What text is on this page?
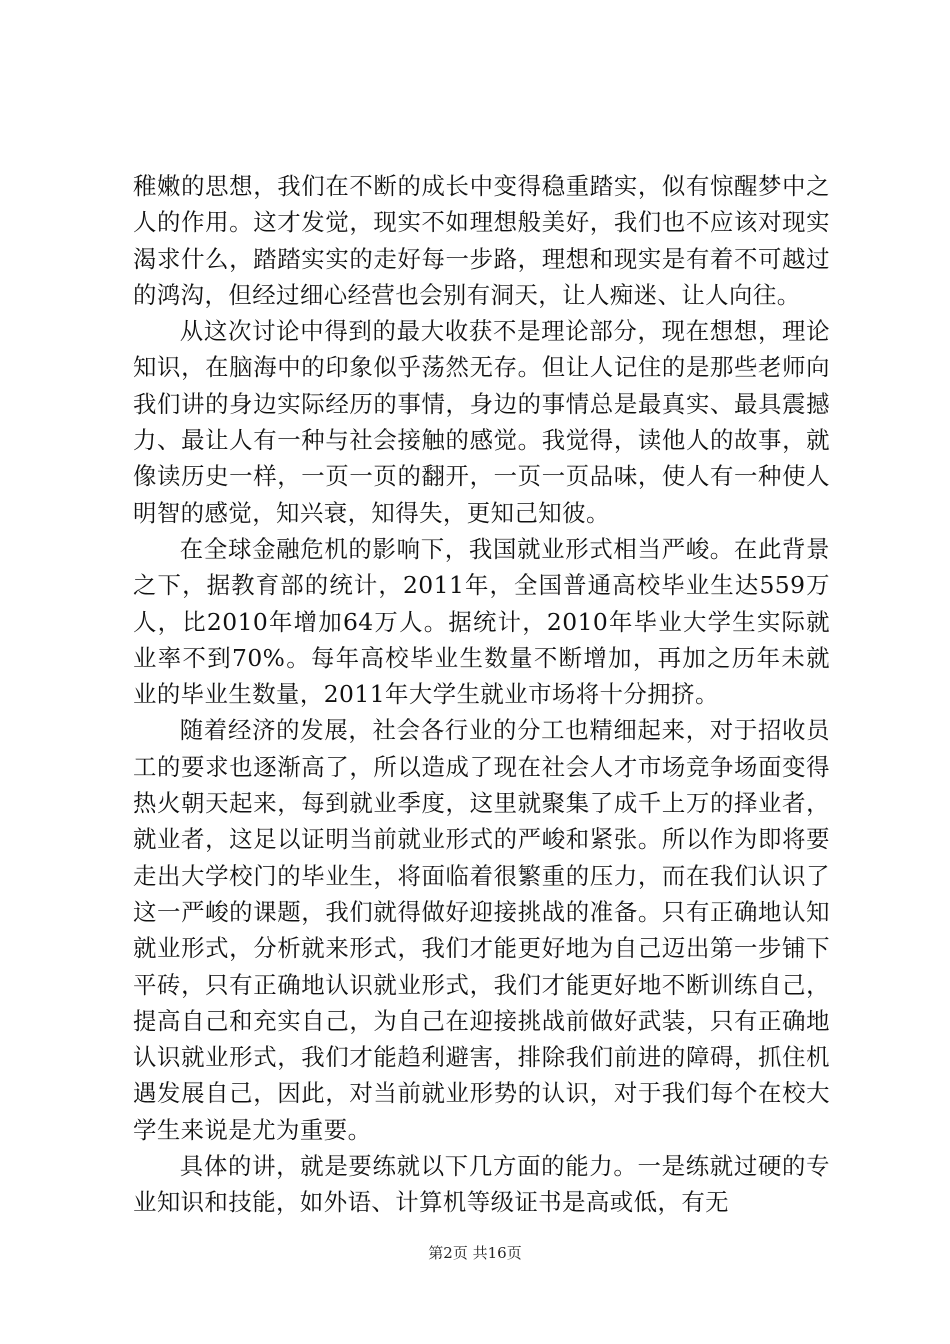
稚嫩的思想，我们在不断的成长中变得稳重踏实，似有惊醒梦中之人的作用。这才发觉，现实不如理想般美好，我们也不应该对现实渴求什么，踏踏实实的走好每一步路，理想和现实是有着不可越过的鸿沟，但经过细心经营也会别有洞天，让人痴迷、让人向往。

从这次讨论中得到的最大收获不是理论部分，现在想想，理论知识，在脑海中的印象似乎荡然无存。但让人记住的是那些老师向我们讲的身边实际经历的事情，身边的事情总是最真实、最具震撼力、最让人有一种与社会接触的感觉。我觉得，读他人的故事，就像读历史一样，一页一页的翻开，一页一页品味，使人有一种使人明智的感觉，知兴衰，知得失，更知己知彼。

在全球金融危机的影响下，我国就业形式相当严峻。在此背景之下，据教育部的统计，2011年，全国普通高校毕业生达559万人，比2010年增加64万人。据统计，2010年毕业大学生实际就业率不到70%。每年高校毕业生数量不断增加，再加之历年未就业的毕业生数量，2011年大学生就业市场将十分拥挤。

随着经济的发展，社会各行业的分工也精细起来，对于招收员工的要求也逐渐高了，所以造成了现在社会人才市场竞争场面变得热火朝天起来，每到就业季度，这里就聚集了成千上万的择业者，就业者，这足以证明当前就业形式的严峻和紧张。所以作为即将要走出大学校门的毕业生，将面临着很繁重的压力，而在我们认识了这一严峻的课题，我们就得做好迎接挑战的准备。只有正确地认知就业形式，分析就来形式，我们才能更好地为自己迈出第一步铺下平砖，只有正确地认识就业形式，我们才能更好地不断训练自己，提高自己和充实自己，为自己在迎接挑战前做好武装，只有正确地认识就业形式，我们才能趋利避害，排除我们前进的障碍，抓住机遇发展自己，因此，对当前就业形势的认识，对于我们每个在校大学生来说是尤为重要。

具体的讲，就是要练就以下几方面的能力。一是练就过硬的专业知识和技能，如外语、计算机等级证书是高或低，有无

第2页 共16页
